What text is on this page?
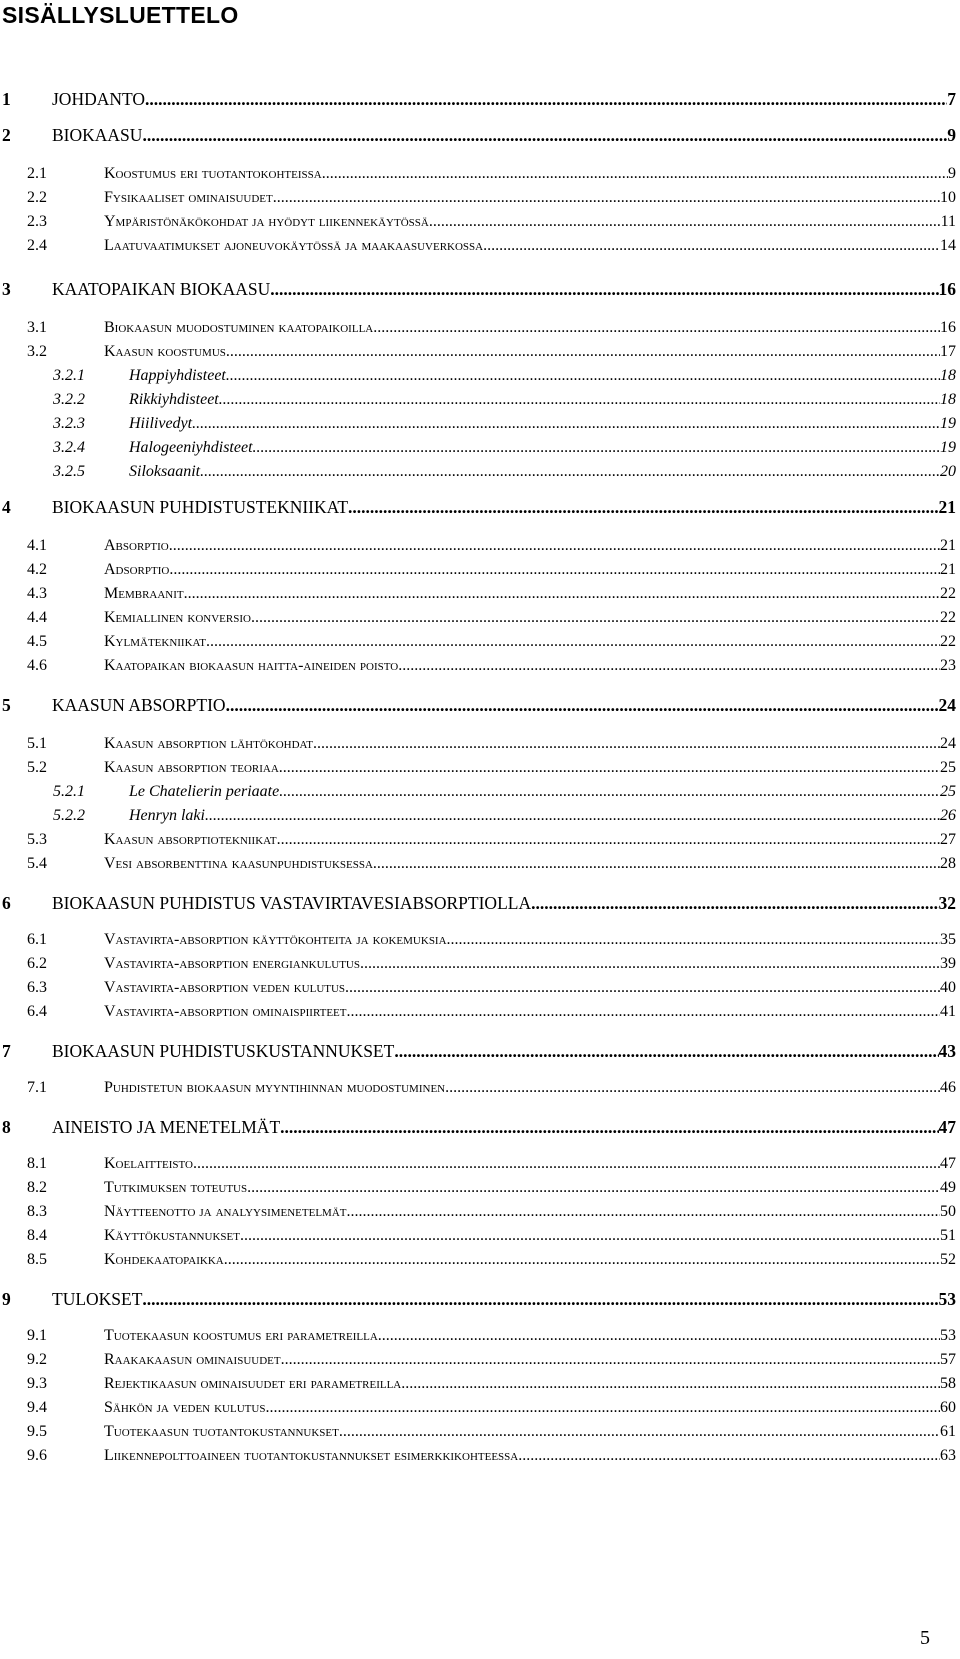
SISÄLLYSLUETTELO
1 JOHDANTO .....	7
2 BIOKAASU .....	9
2.1	Koostumus eri tuotantokohteissa .....	9
2.2	Fysikaaliset ominaisuudet .....	10
2.3	Ympäristönäkökohdat ja hyödyt liikennekäytössä .....	11
2.4	Laatuvaatimukset ajoneuvokäytössä ja maakaasuverkossa .....	14
3 KAATOPAIKAN BIOKAASU .....	16
3.1	Biokaasun muodostuminen kaatopaikoilla .....	16
3.2	Kaasun koostumus .....	17
3.2.1	Happiyhdisteet .....	18
3.2.2	Rikkiyhdisteet .....	18
3.2.3	Hiilivedyt .....	19
3.2.4	Halogeeniyhdisteet .....	19
3.2.5	Siloksaanit .....	20
4 BIOKAASUN PUHDISTUSTEKNIIKAT .....	21
4.1	Absorptio .....	21
4.2	Adsorptio .....	21
4.3	Membraanit .....	22
4.4	Kemiallinen konversio .....	22
4.5	Kylmätekniikat .....	22
4.6	Kaatopaikan biokaasun haitta-aineiden poisto .....	23
5 KAASUN ABSORPTIO .....	24
5.1	Kaasun absorption lähtökohdat .....	24
5.2	Kaasun absorption teoriaa .....	25
5.2.1	Le Chatelierin periaate .....	25
5.2.2	Henryn laki .....	26
5.3	Kaasun absorptiotekniikat .....	27
5.4	Vesi absorbenttina kaasunpuhdistuksessa .....	28
6 BIOKAASUN PUHDISTUS VASTAVIRTAVESIABSORPTIOLLA .....	32
6.1	Vastavirta-absorption käyttökohteita ja kokemuksia .....	35
6.2	Vastavirta-absorption energiankulutus .....	39
6.3	Vastavirta-absorption veden kulutus .....	40
6.4	Vastavirta-absorption ominaispiirteet .....	41
7 BIOKAASUN PUHDISTUSKUSTANNUKSET .....	43
7.1	Puhdistetun biokaasun myyntihinnan muodostuminen .....	46
8 AINEISTO JA MENETELMÄT .....	47
8.1	Koelaitteisto .....	47
8.2	Tutkimuksen toteutus .....	49
8.3	Näytteenotto ja analyysimenetelmät .....	50
8.4	Käyttökustannukset .....	51
8.5	Kohdekaatopaikka .....	52
9 TULOKSET .....	53
9.1	Tuotekaasun koostumus eri parametreilla .....	53
9.2	Raakakaasun ominaisuudet .....	57
9.3	Rejektikaasun ominaisuudet eri parametreilla .....	58
9.4	Sähkön ja veden kulutus .....	60
9.5	Tuotekaasun tuotantokustannukset .....	61
9.6	Liikennepolttoaineen tuotantokustannukset esimerkkikohteessa .....	63
5
